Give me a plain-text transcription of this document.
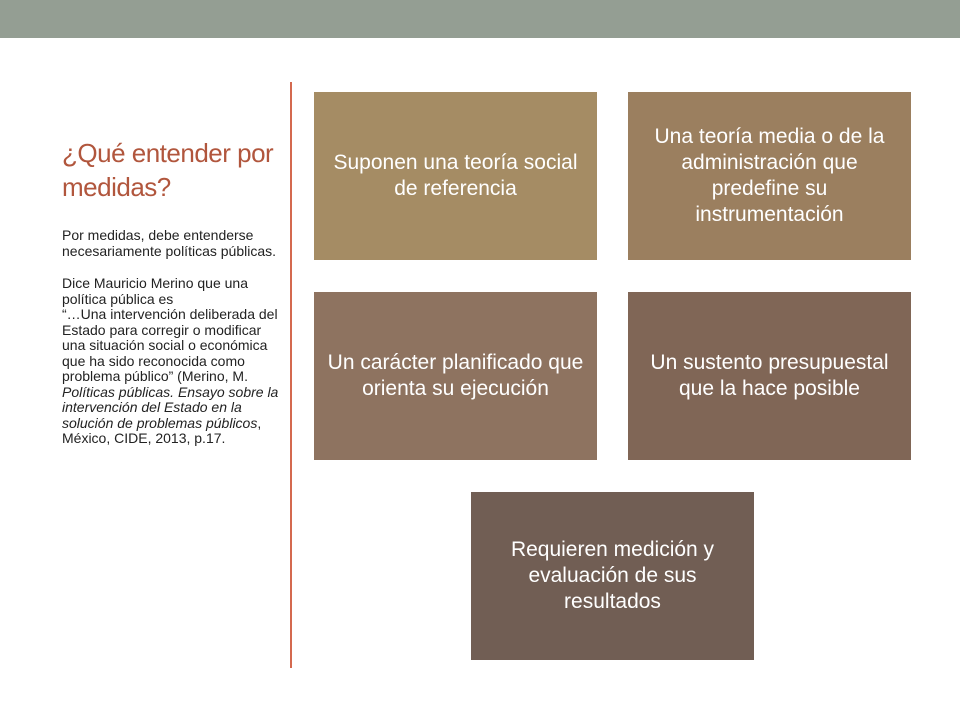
¿Qué entender por medidas?

Por medidas, debe entenderse necesariamente políticas públicas.

Dice Mauricio Merino que una política pública es
“…Una intervención deliberada del Estado para corregir o modificar una situación social o económica que ha sido reconocida como problema público” (Merino, M. Políticas públicas. Ensayo sobre la intervención del Estado en la solución de problemas públicos, México, CIDE, 2013, p.17.

Suponen una teoría social de referencia
Una teoría media o de la administración que predefine su instrumentación
Un carácter planificado que orienta su ejecución
Un sustento presupuestal que la hace posible
Requieren medición y evaluación de sus resultados
